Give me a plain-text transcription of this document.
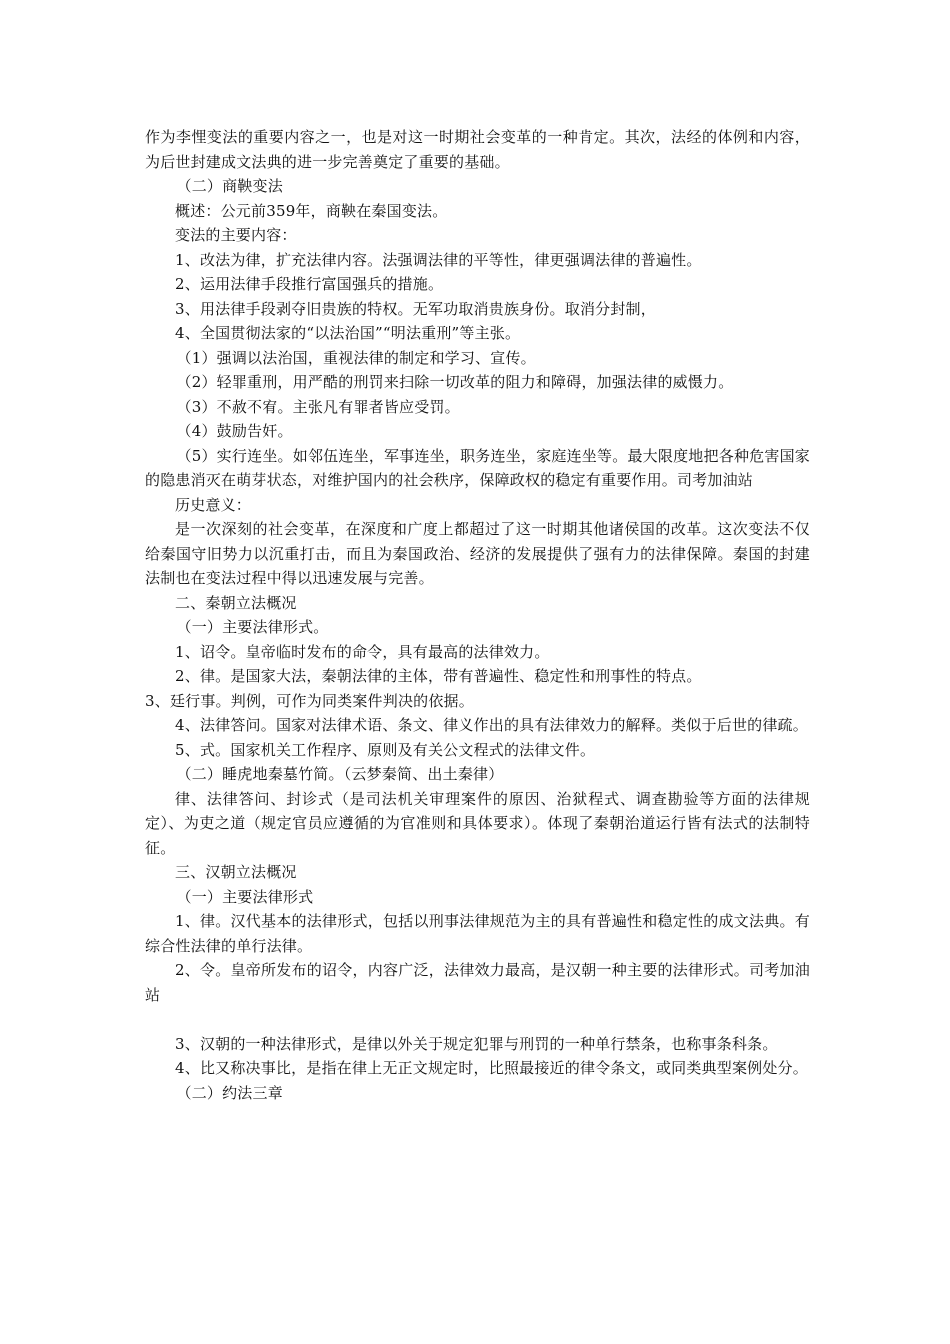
作为李悝变法的重要内容之一，也是对这一时期社会变革的一种肯定。其次，法经的体例和内容，为后世封建成文法典的进一步完善奠定了重要的基础。

（二）商鞅变法

概述：公元前359年，商鞅在秦国变法。

变法的主要内容：

1、改法为律，扩充法律内容。法强调法律的平等性，律更强调法律的普遍性。

2、运用法律手段推行富国强兵的措施。

3、用法律手段剥夺旧贵族的特权。无军功取消贵族身份。取消分封制，

4、全国贯彻法家的“以法治国”“明法重刑”等主张。

（1）强调以法治国，重视法律的制定和学习、宣传。

（2）轻罪重刑，用严酷的刑罚来扫除一切改革的阻力和障碍，加强法律的威慑力。

（3）不赦不宥。主张凡有罪者皆应受罚。

（4）鼓励告奸。

（5）实行连坐。如邻伍连坐，军事连坐，职务连坐，家庭连坐等。最大限度地把各种危害国家的隐患消灭在萌芽状态，对维护国内的社会秩序，保障政权的稳定有重要作用。司考加油站

历史意义：

是一次深刻的社会变革，在深度和广度上都超过了这一时期其他诸侯国的改革。这次变法不仅给秦国守旧势力以沉重打击，而且为秦国政治、经济的发展提供了强有力的法律保障。秦国的封建法制也在变法过程中得以迅速发展与完善。

二、秦朝立法概况

（一）主要法律形式。

1、诏令。皇帝临时发布的命令，具有最高的法律效力。

2、律。是国家大法，秦朝法律的主体，带有普遍性、稳定性和刑事性的特点。

3、廷行事。判例，可作为同类案件判决的依据。

4、法律答问。国家对法律术语、条文、律义作出的具有法律效力的解释。类似于后世的律疏。

5、式。国家机关工作程序、原则及有关公文程式的法律文件。

（二）睡虎地秦墓竹简。（云梦秦简、出土秦律）

律、法律答问、封诊式（是司法机关审理案件的原因、治狱程式、调查勘验等方面的法律规定）、为吏之道（规定官员应遵循的为官准则和具体要求）。体现了秦朝治道运行皆有法式的法制特征。

三、汉朝立法概况

（一）主要法律形式

1、律。汉代基本的法律形式，包括以刑事法律规范为主的具有普遍性和稳定性的成文法典。有综合性法律的单行法律。

2、令。皇帝所发布的诏令，内容广泛，法律效力最高，是汉朝一种主要的法律形式。司考加油站

3、汉朝的一种法律形式，是律以外关于规定犯罪与刑罚的一种单行禁条，也称事条科条。

4、比又称决事比，是指在律上无正文规定时，比照最接近的律令条文，或同类典型案例处分。

（二）约法三章
